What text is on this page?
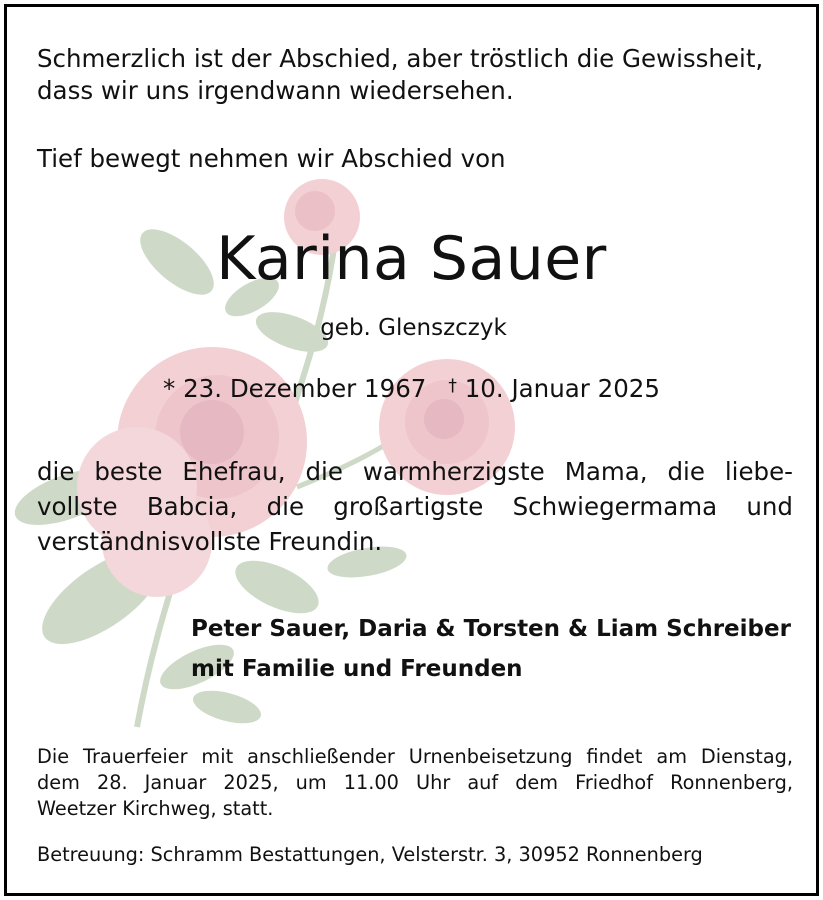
Schmerzlich ist der Abschied, aber tröstlich die Gewissheit,
dass wir uns irgendwann wiedersehen.
Tief bewegt nehmen wir Abschied von
Karina Sauer
geb. Glenszczyk
* 23. Dezember 1967 † 10. Januar 2025
die beste Ehefrau, die warmherzigste Mama, die liebe-
vollste Babcia, die großartigste Schwiegermama und
verständnisvollste Freundin.
Peter Sauer, Daria & Torsten & Liam Schreiber
mit Familie und Freunden
Die Trauerfeier mit anschließender Urnenbeisetzung findet am Dienstag,
dem 28. Januar 2025, um 11.00 Uhr auf dem Friedhof Ronnenberg,
Weetzer Kirchweg, statt.
Betreuung: Schramm Bestattungen, Velsterstr. 3, 30952 Ronnenberg
